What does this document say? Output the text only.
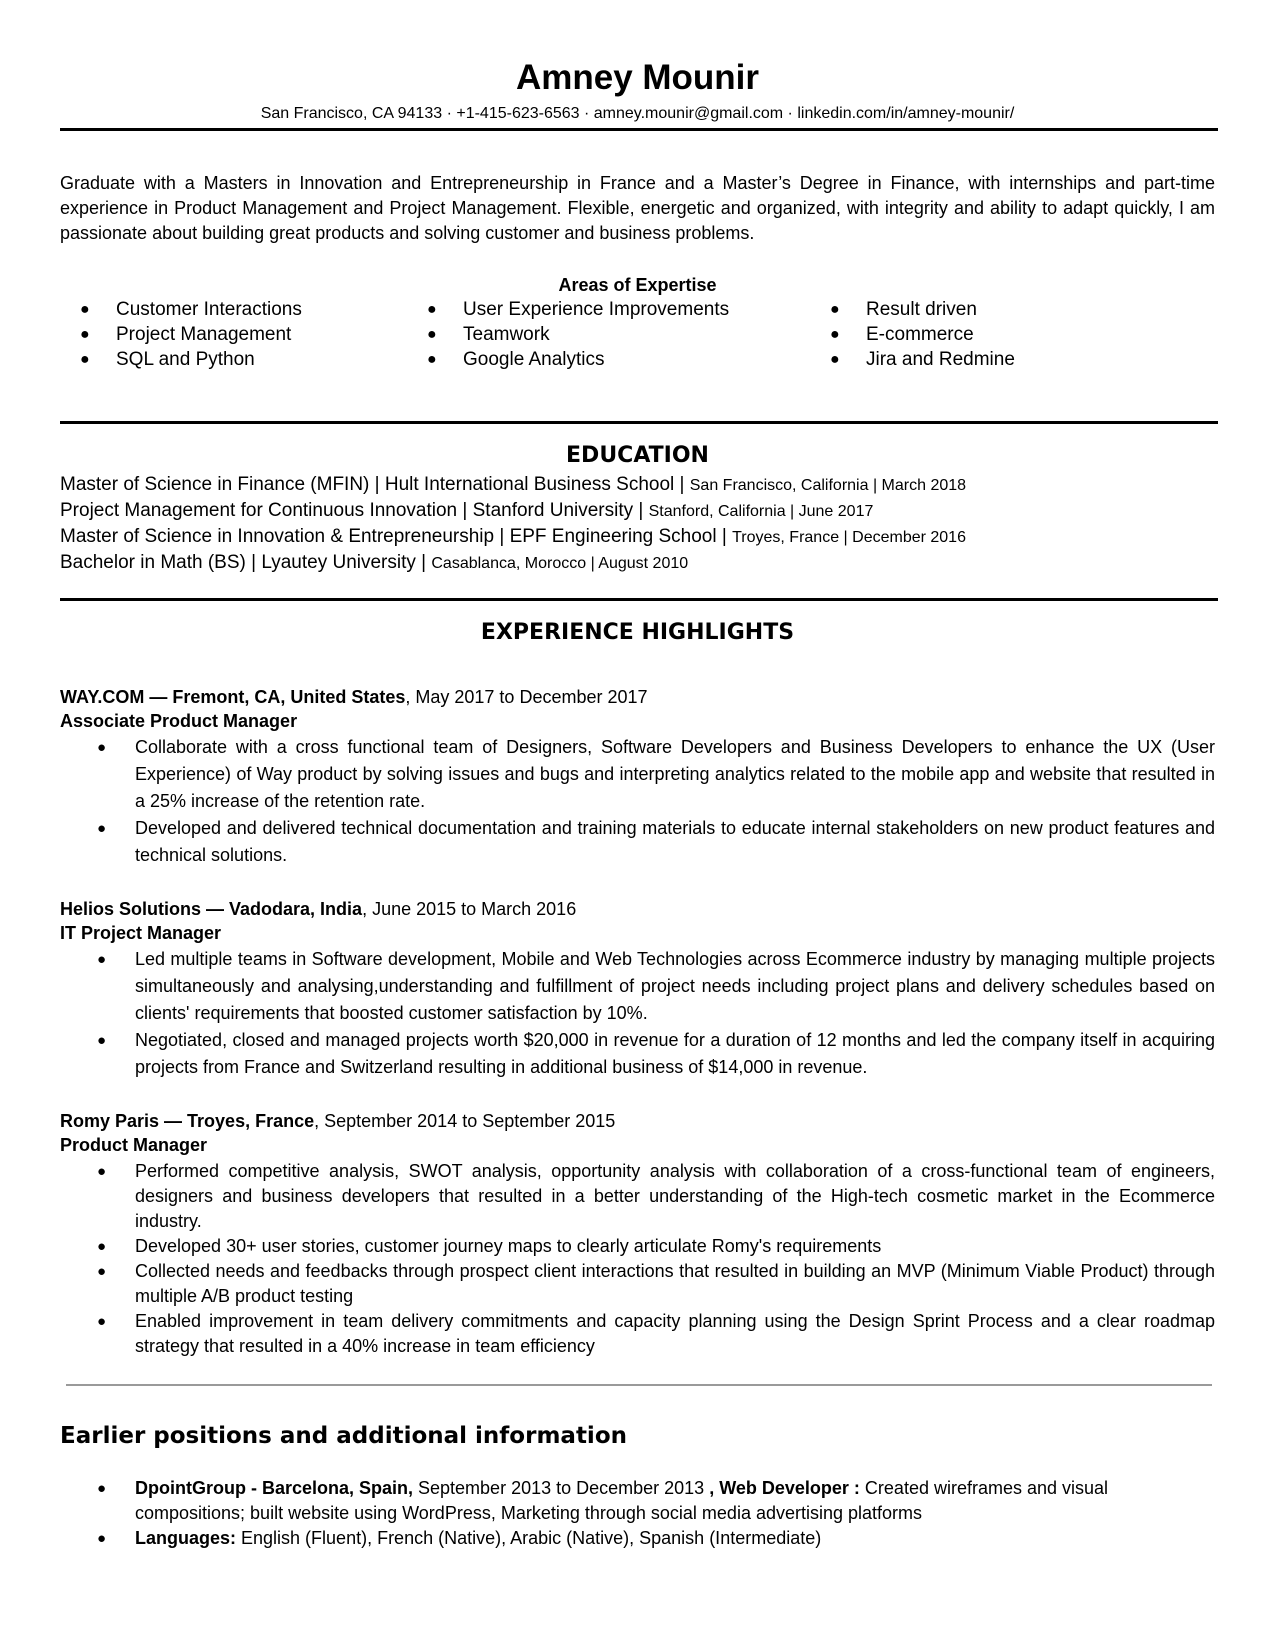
Amney Mounir
San Francisco, CA 94133 · +1-415-623-6563 · amney.mounir@gmail.com · linkedin.com/in/amney-mounir/
Graduate with a Masters in Innovation and Entrepreneurship in France and a Master’s Degree in Finance, with internships and part-time experience in Product Management and Project Management. Flexible, energetic and organized, with integrity and ability to adapt quickly, I am passionate about building great products and solving customer and business problems.
Areas of Expertise
● Customer Interactions
● Project Management
● SQL and Python
● User Experience Improvements
● Teamwork
● Google Analytics
● Result driven
● E-commerce
● Jira and Redmine
EDUCATION
Master of Science in Finance (MFIN) | Hult International Business School | San Francisco, California | March 2018
Project Management for Continuous Innovation | Stanford University | Stanford, California | June 2017
Master of Science in Innovation & Entrepreneurship | EPF Engineering School | Troyes, France | December 2016
Bachelor in Math (BS) | Lyautey University | Casablanca, Morocco | August 2010
EXPERIENCE HIGHLIGHTS
WAY.COM — Fremont, CA, United States, May 2017 to December 2017
Associate Product Manager
● Collaborate with a cross functional team of Designers, Software Developers and Business Developers to enhance the UX (User Experience) of Way product by solving issues and bugs and interpreting analytics related to the mobile app and website that resulted in a 25% increase of the retention rate.
● Developed and delivered technical documentation and training materials to educate internal stakeholders on new product features and technical solutions.
Helios Solutions — Vadodara, India, June 2015 to March 2016
IT Project Manager
● Led multiple teams in Software development, Mobile and Web Technologies across Ecommerce industry by managing multiple projects simultaneously and analysing,understanding and fulfillment of project needs including project plans and delivery schedules based on clients' requirements that boosted customer satisfaction by 10%.
● Negotiated, closed and managed projects worth $20,000 in revenue for a duration of 12 months and led the company itself in acquiring projects from France and Switzerland resulting in additional business of $14,000 in revenue.
Romy Paris — Troyes, France, September 2014 to September 2015
Product Manager
● Performed competitive analysis, SWOT analysis, opportunity analysis with collaboration of a cross-functional team of engineers, designers and business developers that resulted in a better understanding of the High-tech cosmetic market in the Ecommerce industry.
● Developed 30+ user stories, customer journey maps to clearly articulate Romy's requirements
● Collected needs and feedbacks through prospect client interactions that resulted in building an MVP (Minimum Viable Product) through multiple A/B product testing
● Enabled improvement in team delivery commitments and capacity planning using the Design Sprint Process and a clear roadmap strategy that resulted in a 40% increase in team efficiency
Earlier positions and additional information
● DpointGroup - Barcelona, Spain, September 2013 to December 2013 , Web Developer : Created wireframes and visual compositions; built website using WordPress, Marketing through social media advertising platforms
● Languages: English (Fluent), French (Native), Arabic (Native), Spanish (Intermediate)
